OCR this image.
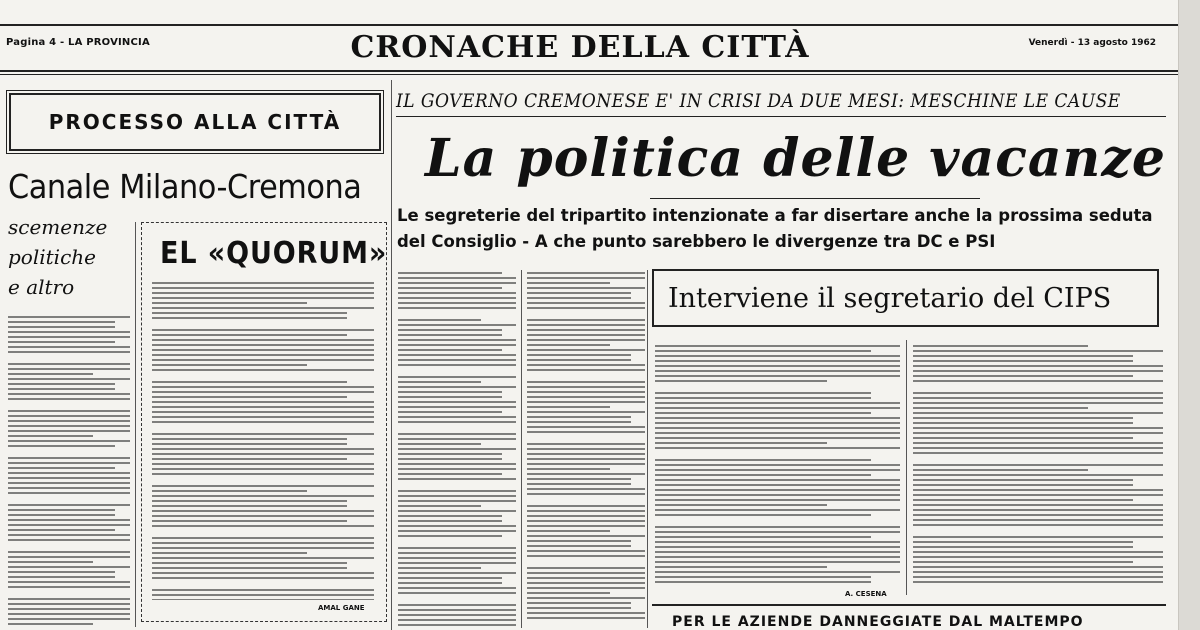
Pagina 4 - LA PROVINCIA	CRONACHE DELLA CITTÀ	Venerdì - 13 agosto 1962
PROCESSO ALLA CITTÀ
Canale Milano-Cremona
scemenze
politiche
e altro
EL «QUORUM»
AMAL GANE
IL GOVERNO CREMONESE E' IN CRISI DA DUE MESI: MESCHINE LE CAUSE
La politica delle vacanze
Le segreterie del tripartito intenzionate a far disertare anche la prossima seduta del Consiglio - A che punto sarebbero le divergenze tra DC e PSI
Interviene il segretario del CIPS
A. CESENA
PER LE AZIENDE DANNEGGIATE DAL MALTEMPO
